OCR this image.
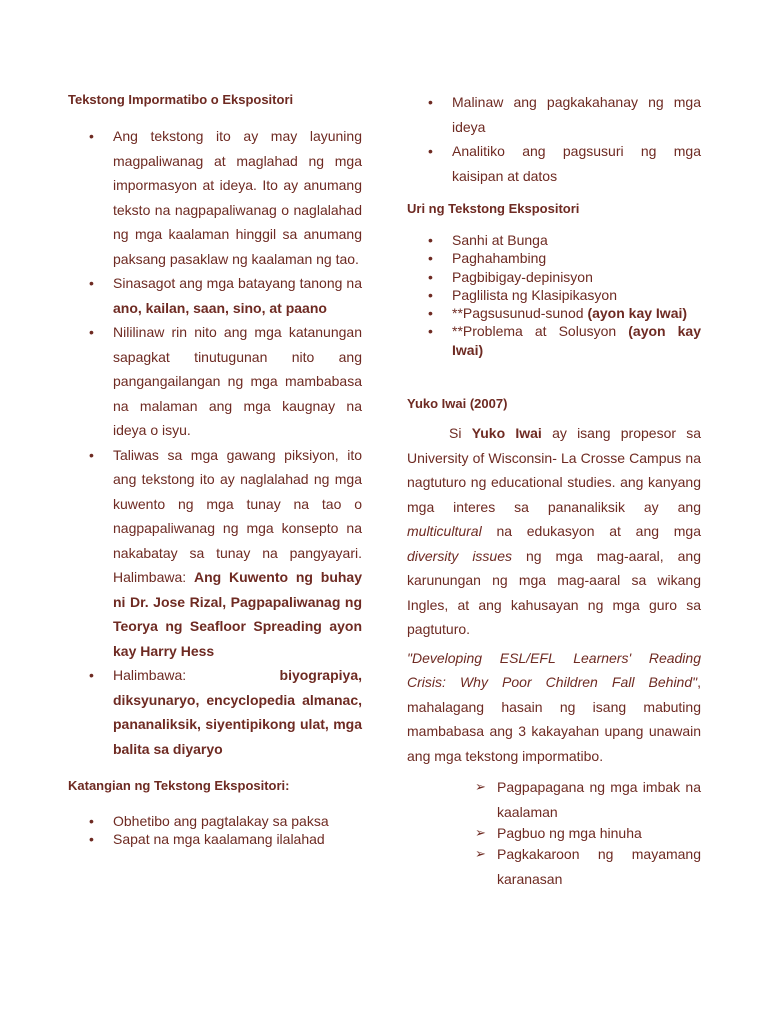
Tekstong Impormatibo o Ekspositori
• Ang tekstong ito ay may layuning magpaliwanag at maglahad ng mga impormasyon at ideya. Ito ay anumang teksto na nagpapaliwanag o naglalahad ng mga kaalaman hinggil sa anumang paksang pasaklaw ng kaalaman ng tao.
• Sinasagot ang mga batayang tanong na ano, kailan, saan, sino, at paano
• Nililinaw rin nito ang mga katanungan sapagkat tinutugunan nito ang pangangailangan ng mga mambabasa na malaman ang mga kaugnay na ideya o isyu.
• Taliwas sa mga gawang piksiyon, ito ang tekstong ito ay naglalahad ng mga kuwento ng mga tunay na tao o nagpapaliwanag ng mga konsepto na nakabatay sa tunay na pangyayari. Halimbawa: Ang Kuwento ng buhay ni Dr. Jose Rizal, Pagpapaliwanag ng Teorya ng Seafloor Spreading ayon kay Harry Hess
• Halimbawa:	biyograpiya, diksyunaryo, encyclopedia almanac, pananaliksik, siyentipikong ulat, mga balita sa diyaryo
Katangian ng Tekstong Ekspositori:
• Obhetibo ang pagtalakay sa paksa
• Sapat na mga kaalamang ilalahad
• Malinaw ang pagkakahanay ng mga ideya
• Analitiko ang pagsusuri ng mga kaisipan at datos
Uri ng Tekstong Ekspositori
• Sanhi at Bunga
• Paghahambing
• Pagbibigay-depinisyon
• Paglilista ng Klasipikasyon
• **Pagsusunud-sunod (ayon kay Iwai)
• **Problema at Solusyon (ayon kay Iwai)
Yuko Iwai (2007)

Si Yuko Iwai ay isang propesor sa University of Wisconsin- La Crosse Campus na nagtuturo ng educational studies. ang kanyang mga interes sa pananaliksik ay ang multicultural na edukasyon at ang mga diversity issues ng mga mag-aaral, ang karunungan ng mga mag-aaral sa wikang Ingles, at ang kahusayan ng mga guro sa pagtuturo.

"Developing ESL/EFL Learners' Reading Crisis: Why Poor Children Fall Behind", mahalagang hasain ng isang mabuting mambabasa ang 3 kakayahan upang unawain ang mga tekstong impormatibo.

➢ Pagpapagana ng mga imbak na kaalaman
➢ Pagbuo ng mga hinuha
➢ Pagkakaroon ng mayamang karanasan
